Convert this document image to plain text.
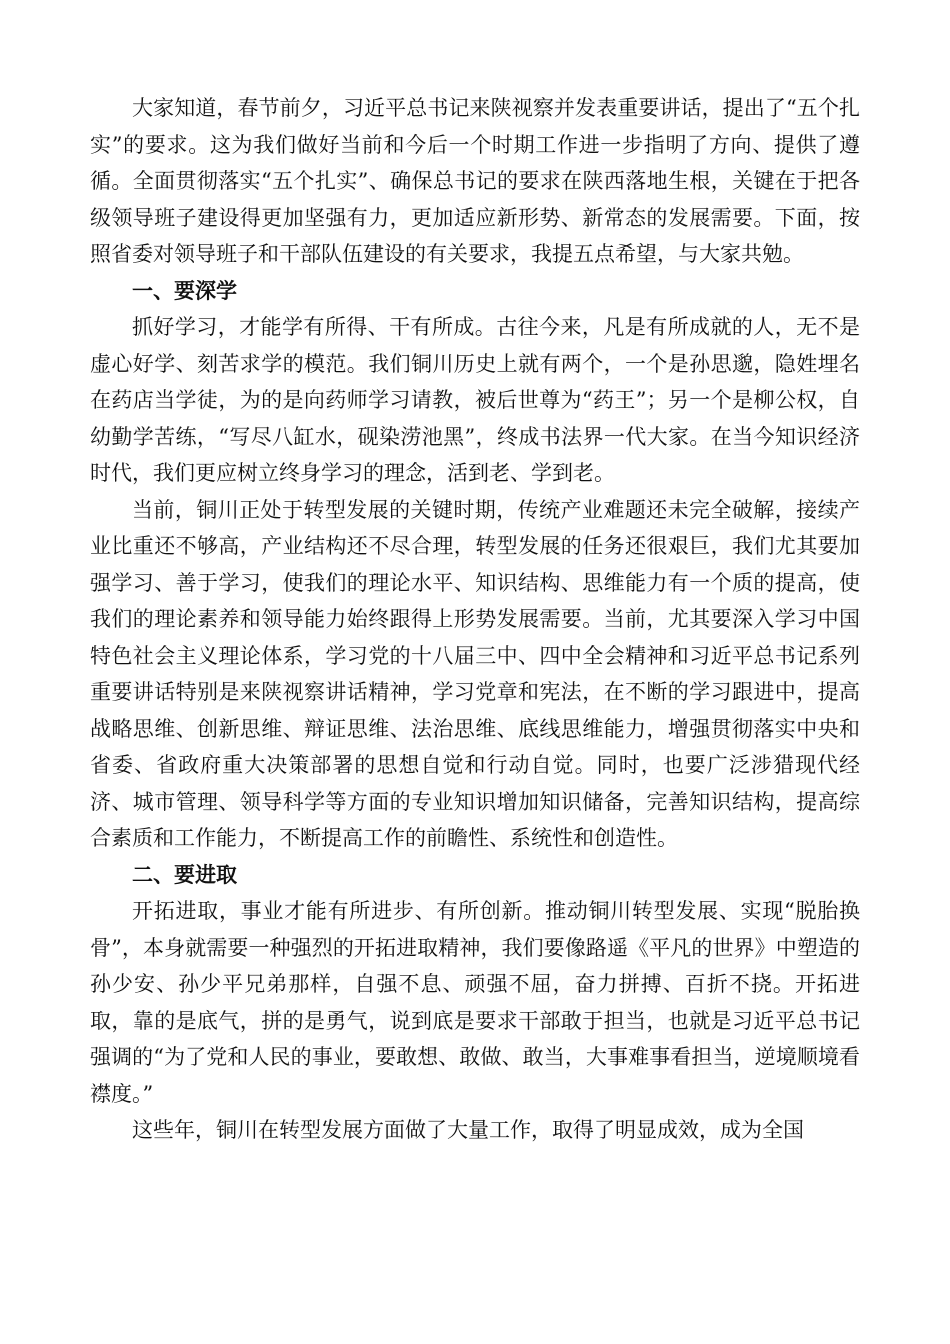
大家知道，春节前夕，习近平总书记来陕视察并发表重要讲话，提出了“五个扎实”的要求。这为我们做好当前和今后一个时期工作进一步指明了方向、提供了遵循。全面贯彻落实“五个扎实”、确保总书记的要求在陕西落地生根，关键在于把各级领导班子建设得更加坚强有力，更加适应新形势、新常态的发展需要。下面，按照省委对领导班子和干部队伍建设的有关要求，我提五点希望，与大家共勉。

一、要深学

抓好学习，才能学有所得、干有所成。古往今来，凡是有所成就的人，无不是虚心好学、刻苦求学的模范。我们铜川历史上就有两个，一个是孙思邈，隐姓埋名在药店当学徒，为的是向药师学习请教，被后世尊为“药王”；另一个是柳公权，自幼勤学苦练，“写尽八缸水，砚染涝池黑”，终成书法界一代大家。在当今知识经济时代，我们更应树立终身学习的理念，活到老、学到老。

当前，铜川正处于转型发展的关键时期，传统产业难题还未完全破解，接续产业比重还不够高，产业结构还不尽合理，转型发展的任务还很艰巨，我们尤其要加强学习、善于学习，使我们的理论水平、知识结构、思维能力有一个质的提高，使我们的理论素养和领导能力始终跟得上形势发展需要。当前，尤其要深入学习中国特色社会主义理论体系，学习党的十八届三中、四中全会精神和习近平总书记系列重要讲话特别是来陕视察讲话精神，学习党章和宪法，在不断的学习跟进中，提高战略思维、创新思维、辩证思维、法治思维、底线思维能力，增强贯彻落实中央和省委、省政府重大决策部署的思想自觉和行动自觉。同时，也要广泛涉猎现代经济、城市管理、领导科学等方面的专业知识增加知识储备，完善知识结构，提高综合素质和工作能力，不断提高工作的前瞻性、系统性和创造性。

二、要进取

开拓进取，事业才能有所进步、有所创新。推动铜川转型发展、实现“脱胎换骨”，本身就需要一种强烈的开拓进取精神，我们要像路遥《平凡的世界》中塑造的孙少安、孙少平兄弟那样，自强不息、顽强不屈，奋力拼搏、百折不挠。开拓进取，靠的是底气，拼的是勇气，说到底是要求干部敢于担当，也就是习近平总书记强调的“为了党和人民的事业，要敢想、敢做、敢当，大事难事看担当，逆境顺境看襟度。”

这些年，铜川在转型发展方面做了大量工作，取得了明显成效，成为全国
